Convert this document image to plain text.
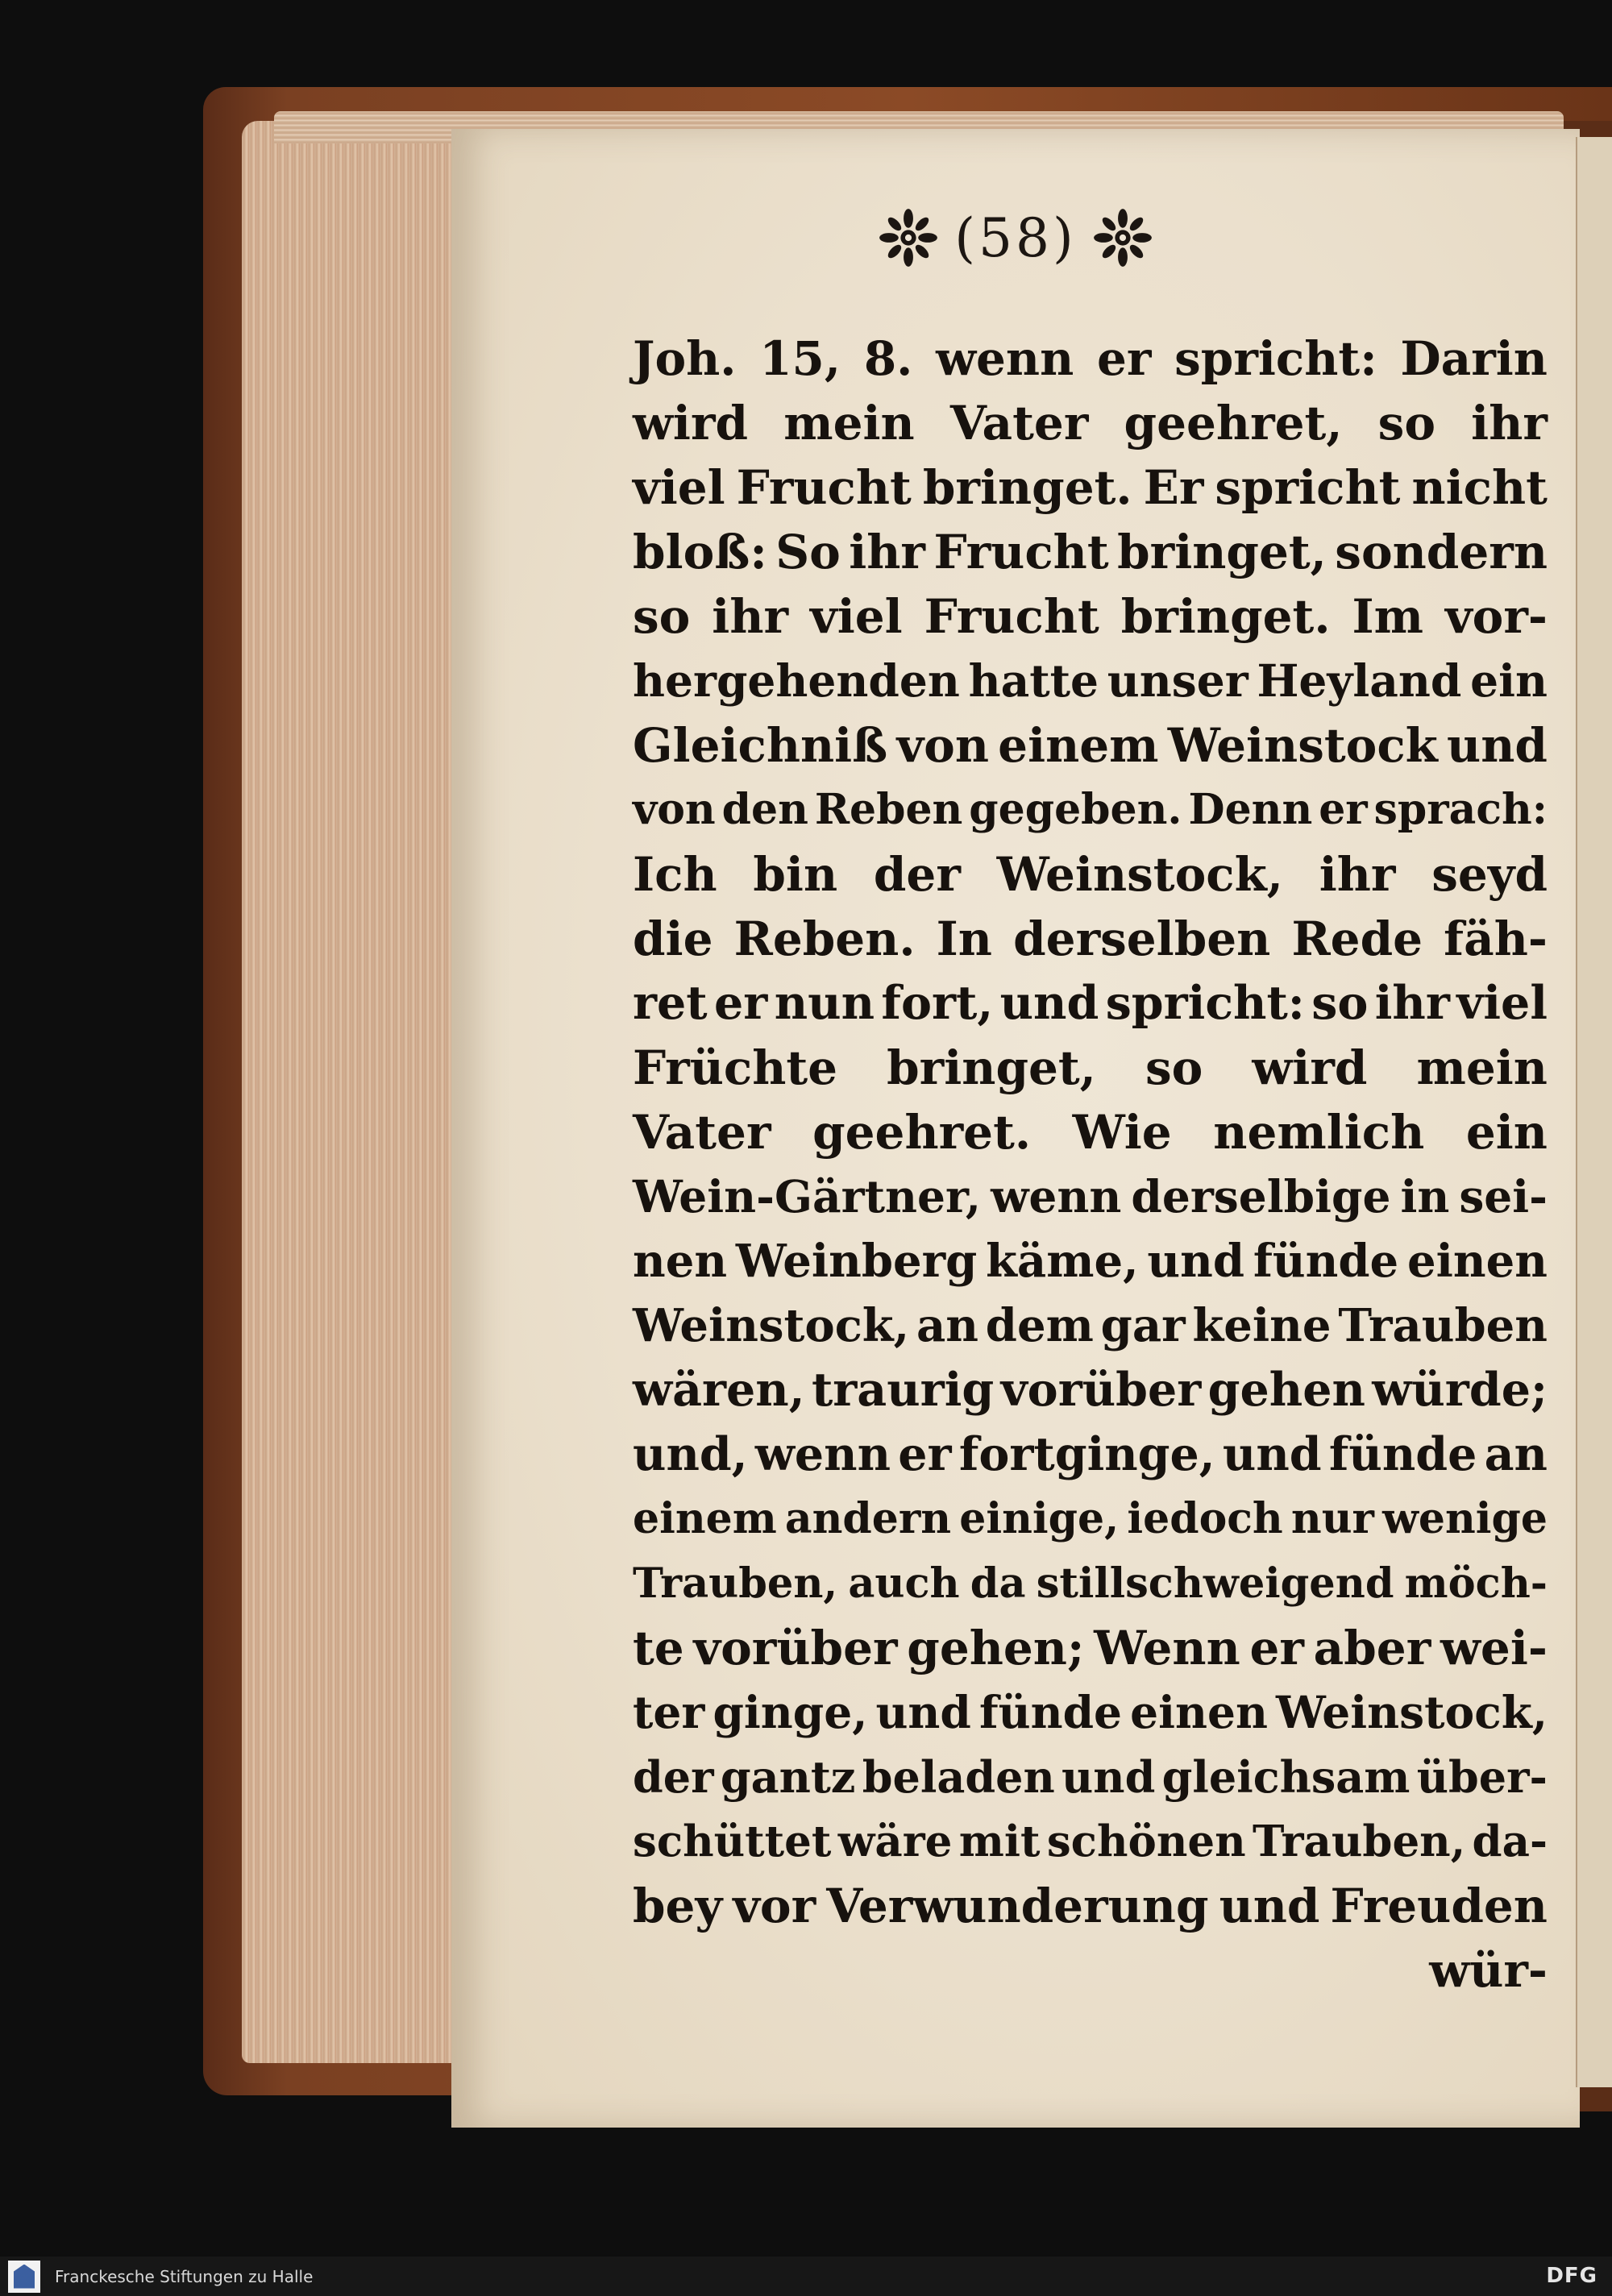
(58)
Joh. 15, 8. wenn er spricht: Darin
wird mein Vater geehret, so ihr
viel Frucht bringet. Er spricht nicht
bloß: So ihr Frucht bringet, sondern
so ihr viel Frucht bringet. Im vor-
hergehenden hatte unser Heyland ein
Gleichniß von einem Weinstock und
von den Reben gegeben. Denn er sprach:
Ich bin der Weinstock, ihr seyd
die Reben. In derselben Rede fäh-
ret er nun fort, und spricht: so ihr viel
Früchte bringet, so wird mein
Vater geehret. Wie nemlich ein
Wein-Gärtner, wenn derselbige in sei-
nen Weinberg käme, und fünde einen
Weinstock, an dem gar keine Trauben
wären, traurig vorüber gehen würde;
und, wenn er fortginge, und fünde an
einem andern einige, iedoch nur wenige
Trauben, auch da stillschweigend möch-
te vorüber gehen; Wenn er aber wei-
ter ginge, und fünde einen Weinstock,
der gantz beladen und gleichsam über-
schüttet wäre mit schönen Trauben, da-
bey vor Verwunderung und Freuden
wür-
Franckesche Stiftungen zu Halle	DFG
